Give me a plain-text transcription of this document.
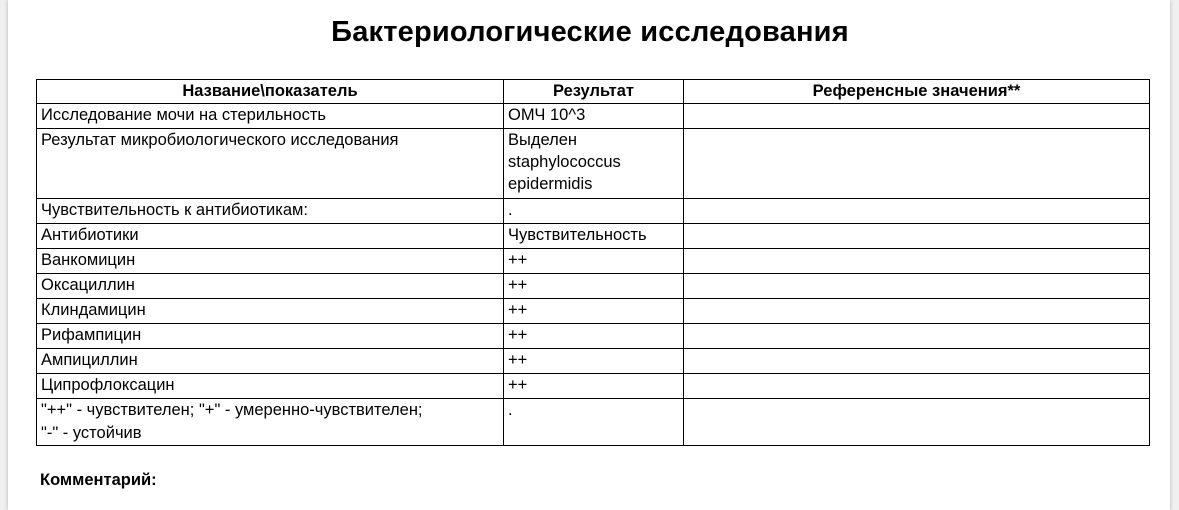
Бактериологические исследования
Название\показатель	Результат	Референсные значения**
Исследование мочи на стерильность	ОМЧ 10^3	
Результат микробиологического исследования	Выделен
staphylococcus
epidermidis	
Чувствительность к антибиотикам:	.	
Антибиотики	Чувствительность	
Ванкомицин	++	
Оксациллин	++	
Клиндамицин	++	
Рифампицин	++	
Ампициллин	++	
Ципрофлоксацин	++	
"++" - чувствителен; "+" - умеренно-чувствителен;
"-" - устойчив	.	
Комментарий:
